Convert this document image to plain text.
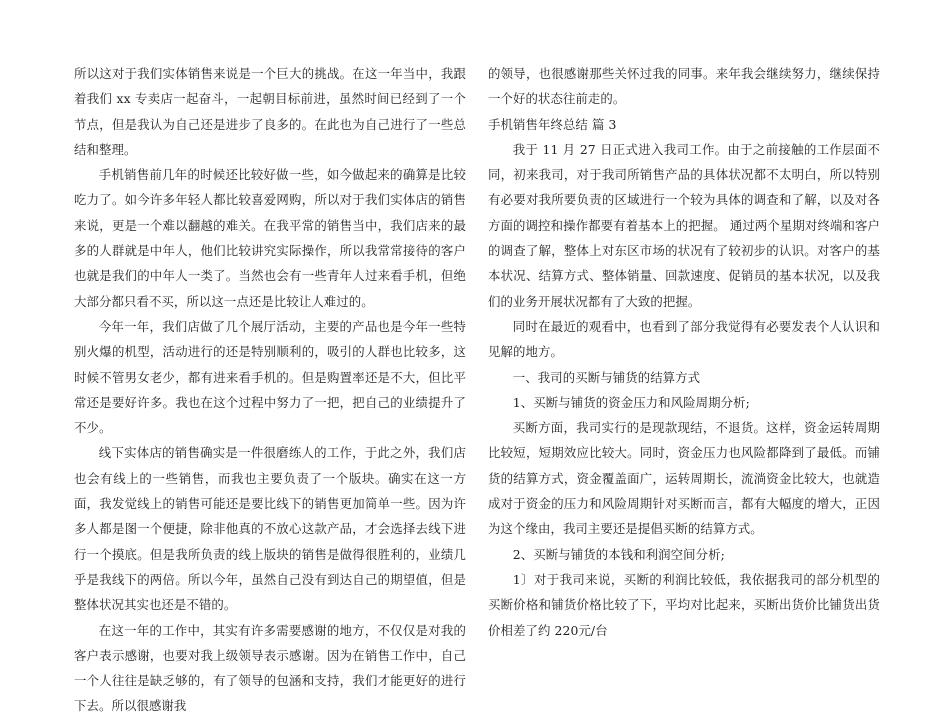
所以这对于我们实体销售来说是一个巨大的挑战。在这一年当中，我跟着我们 xx 专卖店一起奋斗，一起朝目标前进，虽然时间已经到了一个节点，但是我认为自己还是进步了良多的。在此也为自己进行了一些总结和整理。

手机销售前几年的时候还比较好做一些，如今做起来的确算是比较吃力了。如今许多年轻人都比较喜爱网购，所以对于我们实体店的销售来说，更是一个难以翻越的难关。在我平常的销售当中，我们店来的最多的人群就是中年人，他们比较讲究实际操作，所以我常常接待的客户也就是我们的中年人一类了。当然也会有一些青年人过来看手机，但绝大部分都只看不买，所以这一点还是比较让人难过的。

今年一年，我们店做了几个展厅活动，主要的产品也是今年一些特别火爆的机型，活动进行的还是特别顺利的，吸引的人群也比较多，这时候不管男女老少，都有进来看手机的。但是购置率还是不大，但比平常还是要好许多。我也在这个过程中努力了一把，把自己的业绩提升了不少。

线下实体店的销售确实是一件很磨练人的工作，于此之外，我们店也会有线上的一些销售，而我也主要负责了一个版块。确实在这一方面，我发觉线上的销售可能还是要比线下的销售更加简单一些。因为许多人都是图一个便捷，除非他真的不放心这款产品，才会选择去线下进行一个摸底。但是我所负责的线上版块的销售是做得很胜利的，业绩几乎是我线下的两倍。所以今年，虽然自己没有到达自己的期望值，但是整体状况其实也还是不错的。

在这一年的工作中，其实有许多需要感谢的地方，不仅仅是对我的客户表示感谢，也要对我上级领导表示感谢。因为在销售工作中，自己一个人往往是缺乏够的，有了领导的包涵和支持，我们才能更好的进行下去。所以很感谢我

的领导，也很感谢那些关怀过我的同事。来年我会继续努力，继续保持一个好的状态往前走的。

手机销售年终总结 篇 3

我于 11 月 27 日正式进入我司工作。由于之前接触的工作层面不同，初来我司，对于我司所销售产品的具体状况都不太明白，所以特别有必要对我所要负责的区域进行一个较为具体的调查和了解，以及对各方面的调控和操作都要有着基本上的把握。 通过两个星期对终端和客户的调查了解，整体上对东区市场的状况有了较初步的认识。对客户的基本状况、结算方式、整体销量、回款速度、促销员的基本状况，以及我们的业务开展状况都有了大致的把握。

同时在最近的观看中，也看到了部分我觉得有必要发表个人认识和见解的地方。

一、我司的买断与铺货的结算方式

1、买断与铺货的资金压力和风险周期分析;

买断方面，我司实行的是现款现结，不退货。这样，资金运转周期比较短，短期效应比较大。同时，资金压力也风险都降到了最低。而铺货的结算方式，资金覆盖面广，运转周期长，流淌资金比较大，也就造成对于资金的压力和风险周期针对买断而言，都有大幅度的增大，正因为这个缘由，我司主要还是提倡买断的结算方式。

2、买断与铺货的本钱和利润空间分析;

1〕对于我司来说，买断的利润比较低，我依据我司的部分机型的买断价格和铺货价格比较了下，平均对比起来，买断出货价比铺货出货价相差了约 220元/台
